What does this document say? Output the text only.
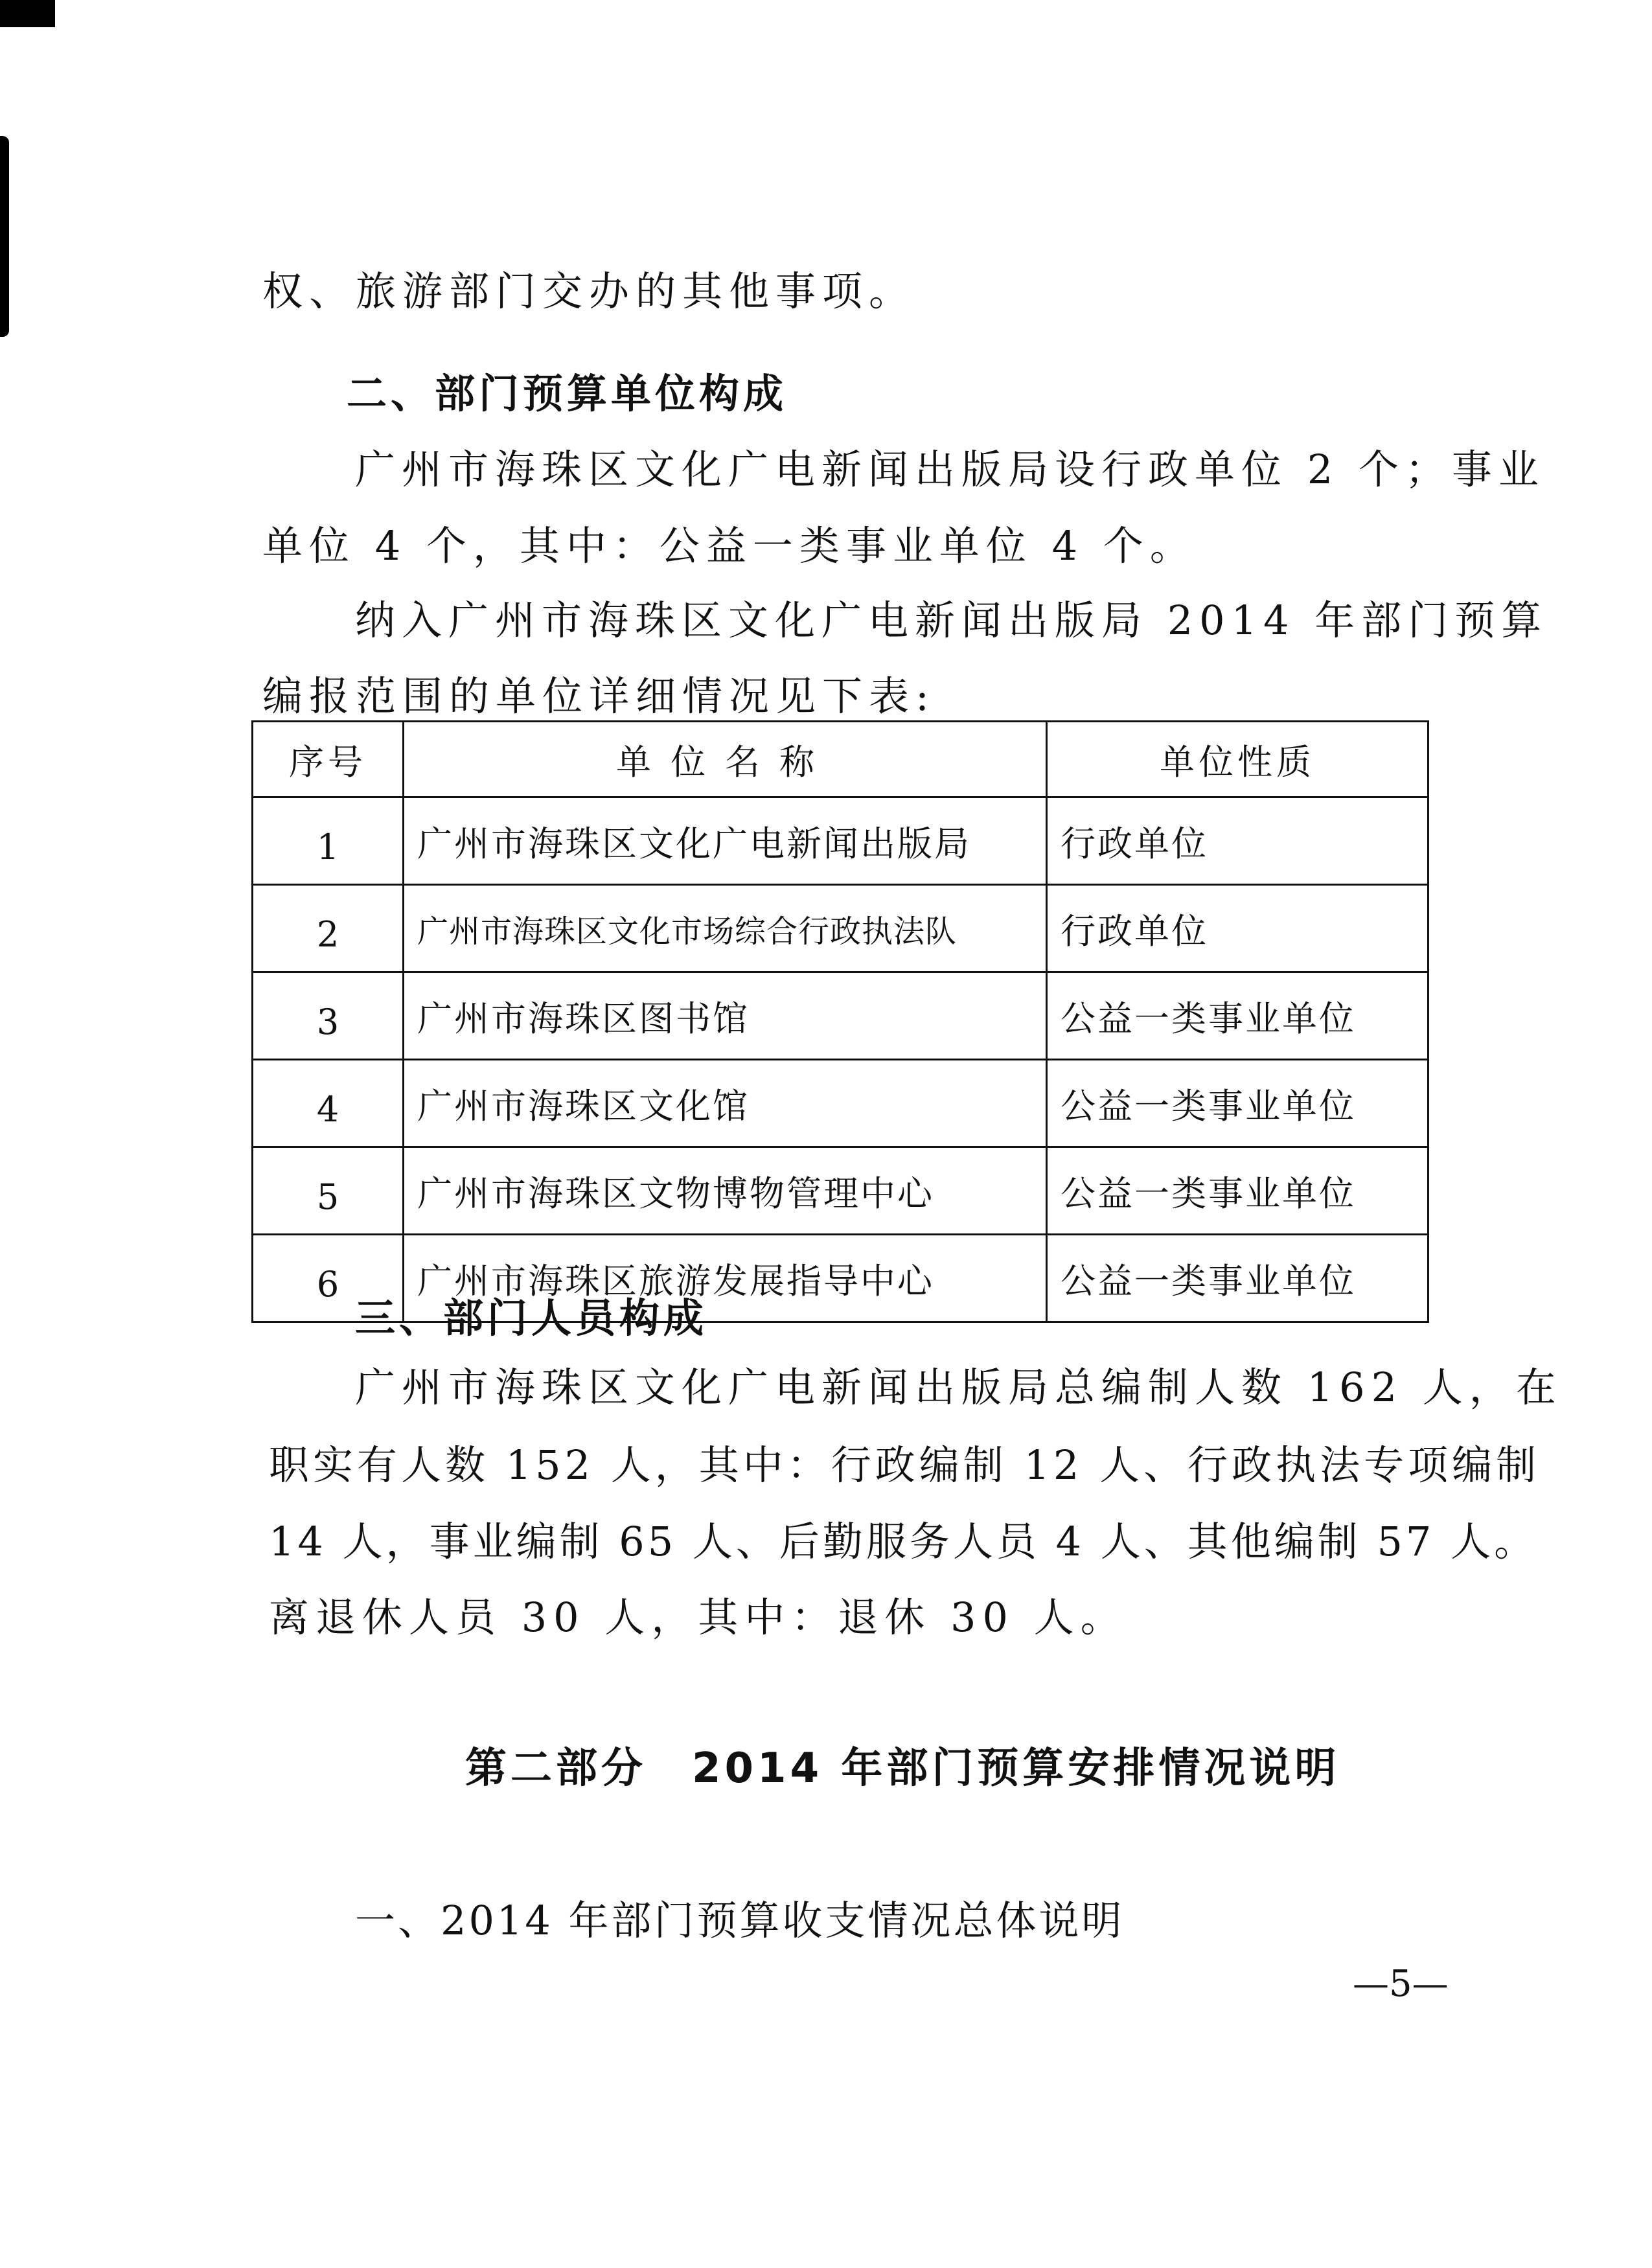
权、旅游部门交办的其他事项。
二、部门预算单位构成
广州市海珠区文化广电新闻出版局设行政单位 2 个；事业
单位 4 个，其中：公益一类事业单位 4 个。
纳入广州市海珠区文化广电新闻出版局 2014 年部门预算
编报范围的单位详细情况见下表:
序号	单位名称	单位性质
1	广州市海珠区文化广电新闻出版局	行政单位
2	广州市海珠区文化市场综合行政执法队	行政单位
3	广州市海珠区图书馆	公益一类事业单位
4	广州市海珠区文化馆	公益一类事业单位
5	广州市海珠区文物博物管理中心	公益一类事业单位
6	广州市海珠区旅游发展指导中心	公益一类事业单位
三、部门人员构成
广州市海珠区文化广电新闻出版局总编制人数 162 人，在
职实有人数 152 人，其中：行政编制 12 人、行政执法专项编制
14 人，事业编制 65 人、后勤服务人员 4 人、其他编制 57 人。
离退休人员 30 人，其中：退休 30 人。
第二部分　2014 年部门预算安排情况说明
一、2014 年部门预算收支情况总体说明
—5—
